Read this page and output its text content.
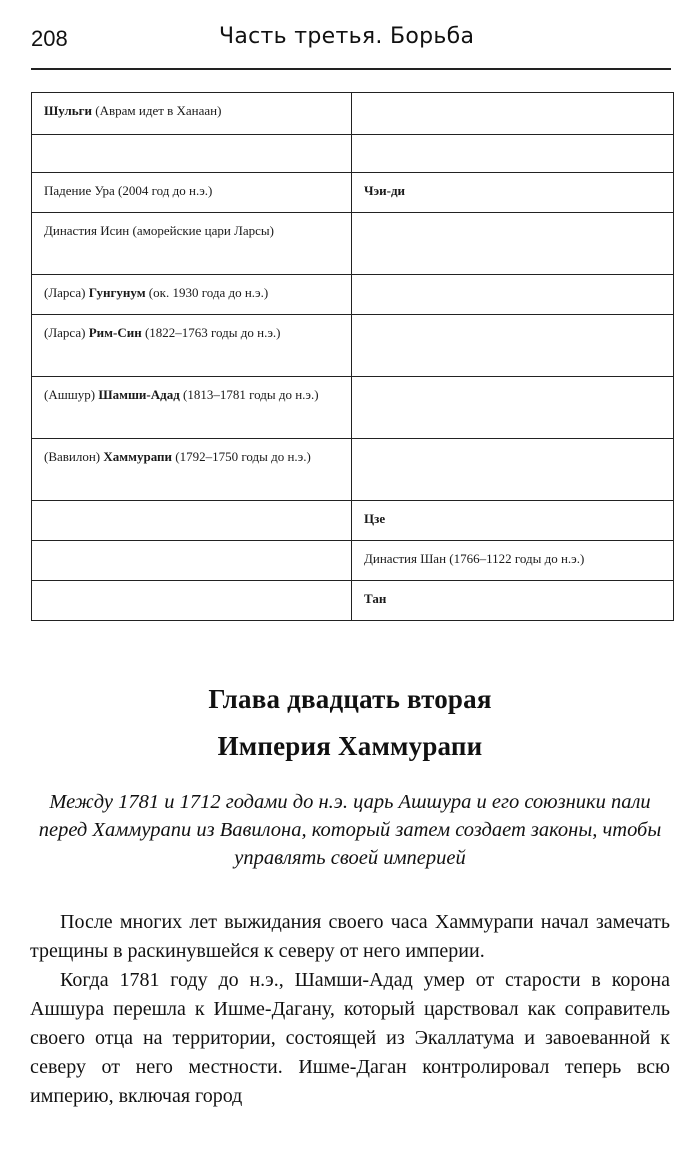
208	Часть третья. Борьба
Шульги (Аврам идет в Ханаан)	

Падение Ура (2004 год до н.э.)	Чэи-ди
Династия Исин (аморейские цари Ларсы)	
(Ларса) Гунгунум (ок. 1930 года до н.э.)	
(Ларса) Рим-Син (1822–1763 годы до н.э.)	
(Ашшур) Шамши-Адад (1813–1781 годы до н.э.)	
(Вавилон) Хаммурапи (1792–1750 годы до н.э.)	
	Цзе
	Династия Шан (1766–1122 годы до н.э.)
	Тан
Глава двадцать вторая
Империя Хаммурапи
Между 1781 и 1712 годами до н.э. царь Ашшура и его союзники пали перед Хаммурапи из Вавилона, который затем создает законы, чтобы управлять своей империей

После многих лет выжидания своего часа Хаммурапи начал замечать трещины в раскинувшейся к северу от него империи.

Когда 1781 году до н.э., Шамши-Адад умер от старости в корона Ашшура перешла к Ишме-Дагану, который царствовал как соправитель своего отца на территории, состоящей из Экаллатума и завоеванной к северу от него местности. Ишме-Даган контролировал теперь всю империю, включая город
